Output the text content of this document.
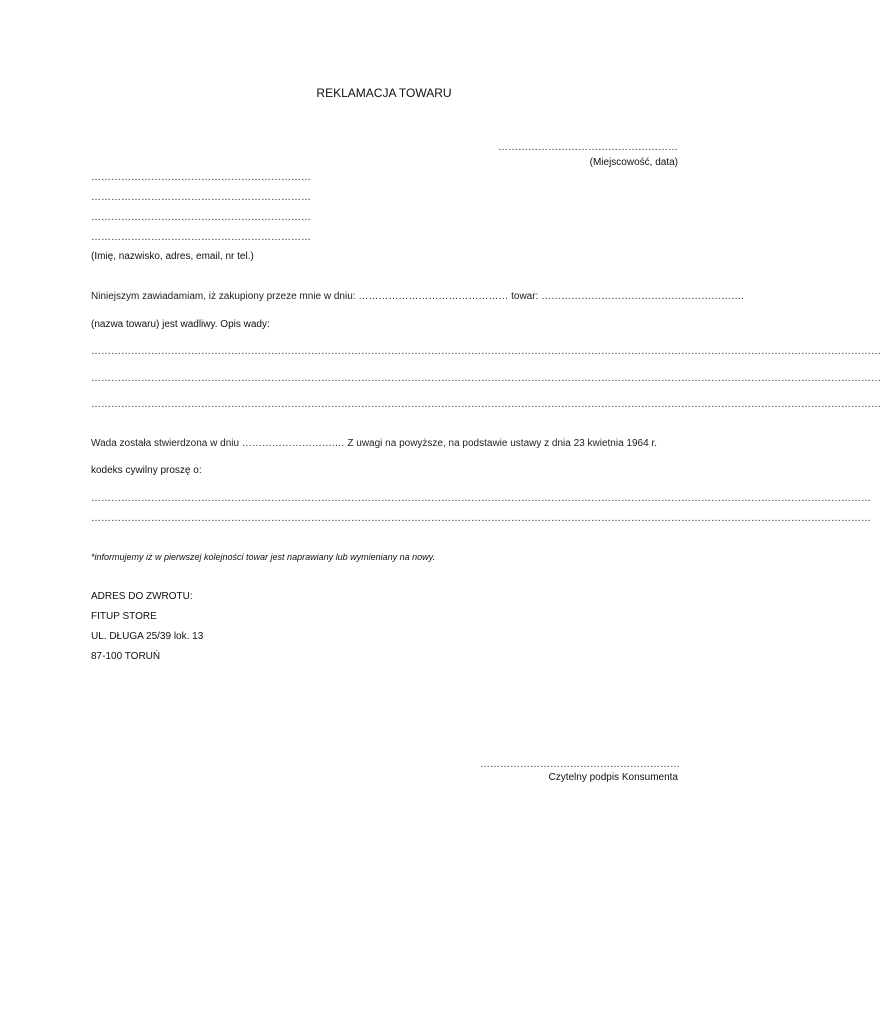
REKLAMACJA TOWARU
………………………………………………
(Miejscowość, data)
…………………………………………………………
…………………………………………………………
…………………………………………………………
…………………………………………………………
(Imię, nazwisko, adres, email, nr tel.)
Niniejszym zawiadamiam, iż zakupiony przeze mnie w dniu: ……………………………………… towar: …………………………………………………….
(nazwa towaru) jest wadliwy. Opis wady:
…………………………………………………………………………………………………………………………………………………………………………………………………………………
…………………………………………………………………………………………………………………………………………………………………………………………………………………
…………………………………………………………………………………………………………………………………………………………………………………………………………………
Wada została stwierdzona w dniu ……………………….… Z uwagi na powyższe, na podstawie ustawy z dnia 23 kwietnia 1964 r.
kodeks cywilny proszę o:
………………………………………………………………………………………………………………………………………………………………………………………………………………
………………………………………………………………………………………………………………………………………………………………………………………………………………
*informujemy iż w pierwszej kolejności towar jest naprawiany lub wymieniany na nowy.
ADRES DO ZWROTU:
FITUP STORE
UL. DŁUGA 25/39 lok. 13
87-100 TORUŃ
……………………………………………………
Czytelny podpis Konsumenta
